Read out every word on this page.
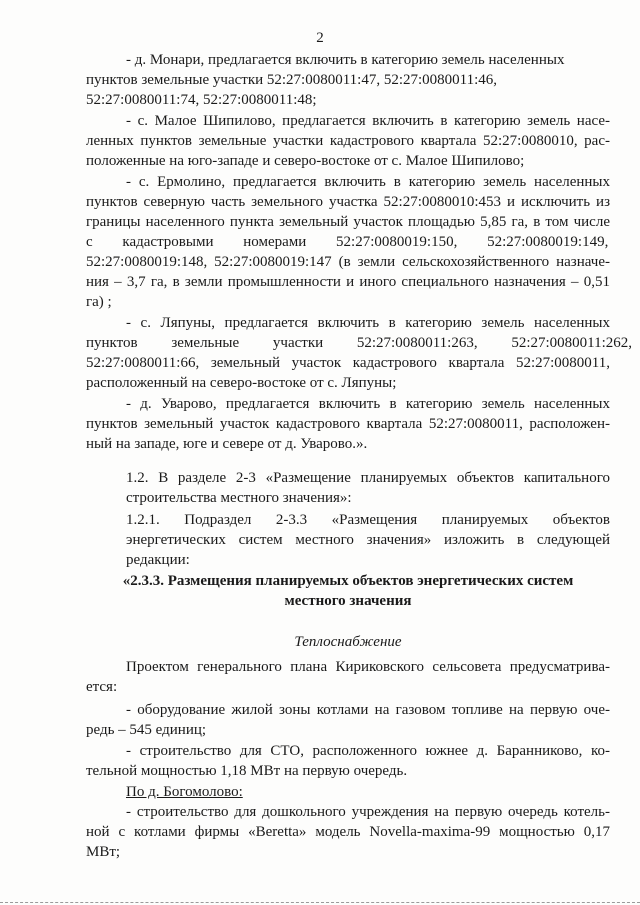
2
- д. Монари, предлагается включить в категорию земель населенных
пунктов земельные участки 52:27:0080011:47, 52:27:0080011:46,
52:27:0080011:74, 52:27:0080011:48;
- с. Малое Шипилово, предлагается включить в категорию земель насе-
ленных пунктов земельные участки кадастрового квартала 52:27:0080010, рас-
положенные на юго-западе и северо-востоке от с. Малое Шипилово;
- с. Ермолино, предлагается включить в категорию земель населенных
пунктов северную часть земельного участка 52:27:0080010:453 и исключить из
границы населенного пункта земельный участок площадью 5,85 га, в том числе
с кадастровыми номерами 52:27:0080019:150, 52:27:0080019:149,
52:27:0080019:148, 52:27:0080019:147 (в земли сельскохозяйственного назначе-
ния – 3,7 га, в земли промышленности и иного специального назначения – 0,51
га) ;
- с. Ляпуны, предлагается включить в категорию земель населенных
пунктов земельные участки 52:27:0080011:263, 52:27:0080011:262,
52:27:0080011:66, земельный участок кадастрового квартала 52:27:0080011,
расположенный на северо-востоке от с. Ляпуны;
- д. Уварово, предлагается включить в категорию земель населенных
пунктов земельный участок кадастрового квартала 52:27:0080011, расположен-
ный на западе, юге и севере от д. Уварово.».
1.2. В разделе 2-3 «Размещение планируемых объектов капитального
строительства местного значения»:
1.2.1. Подраздел 2-3.3 «Размещения планируемых объектов
энергетических систем местного значения» изложить в следующей
редакции:
«2.3.3. Размещения планируемых объектов энергетических систем
местного значения
Теплоснабжение
Проектом генерального плана Кириковского сельсовета предусматрива-
ется:
- оборудование жилой зоны котлами на газовом топливе на первую оче-
редь – 545 единиц;
- строительство для СТО, расположенного южнее д. Баранниково, ко-
тельной мощностью 1,18 МВт на первую очередь.
По д. Богомолово:
- строительство для дошкольного учреждения на первую очередь котель-
ной с котлами фирмы «Beretta» модель Novella-maxima-99 мощностью 0,17
МВт;
